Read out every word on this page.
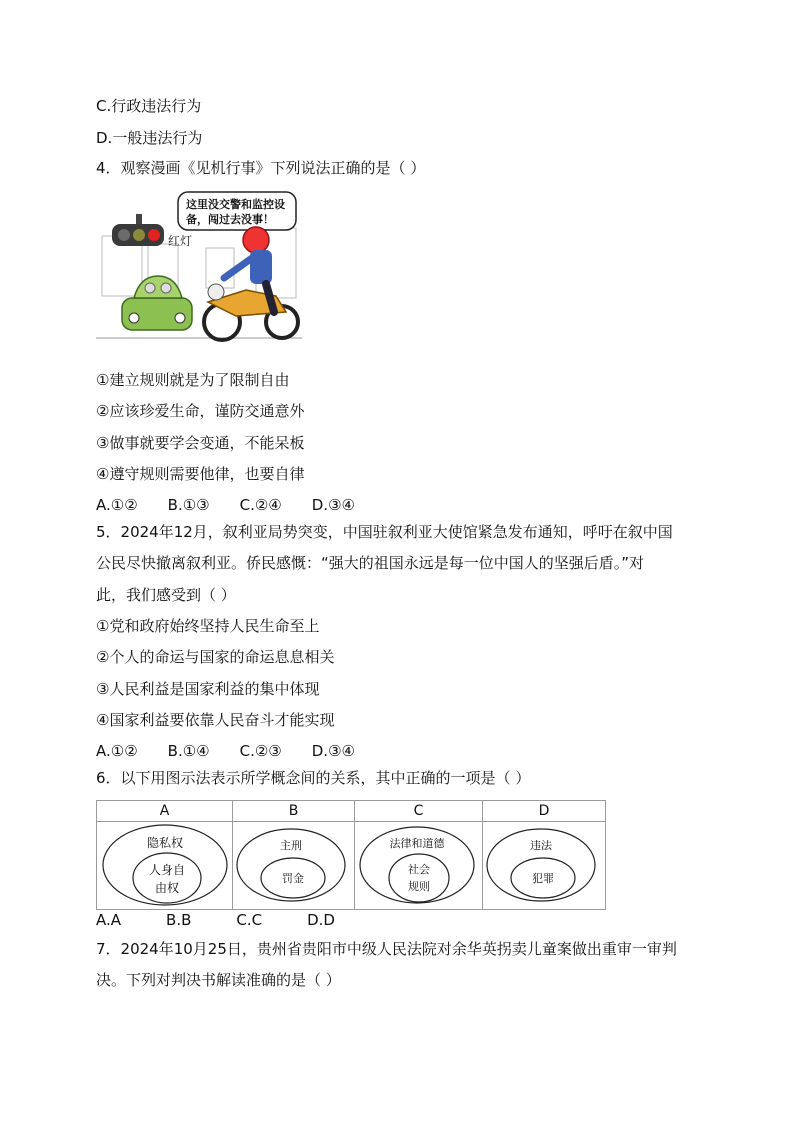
C.行政违法行为
D.一般违法行为
4．观察漫画《见机行事》下列说法正确的是（ ）
红灯
这里没交警和监控设
备，闯过去没事！
①建立规则就是为了限制自由
②应该珍爱生命，谨防交通意外
③做事就要学会变通，不能呆板
④遵守规则需要他律，也要自律
A.①②　　B.①③　　C.②④　　D.③④
5．2024年12月，叙利亚局势突变，中国驻叙利亚大使馆紧急发布通知，呼吁在叙中国
公民尽快撤离叙利亚。侨民感慨：“强大的祖国永远是每一位中国人的坚强后盾。”对
此，我们感受到（ ）
①党和政府始终坚持人民生命至上
②个人的命运与国家的命运息息相关
③人民利益是国家利益的集中体现
④国家利益要依靠人民奋斗才能实现
A.①②　　B.①④　　C.②③　　D.③④
6．以下用图示法表示所学概念间的关系，其中正确的一项是（ ）
A
隐私权
人身自
由权
B
主刑
罚金
C
法律和道德
社会
规则
D
违法
犯罪
A.A　　　B.B　　　C.C　　　D.D
7．2024年10月25日，贵州省贵阳市中级人民法院对余华英拐卖儿童案做出重审一审判
决。下列对判决书解读准确的是（ ）
